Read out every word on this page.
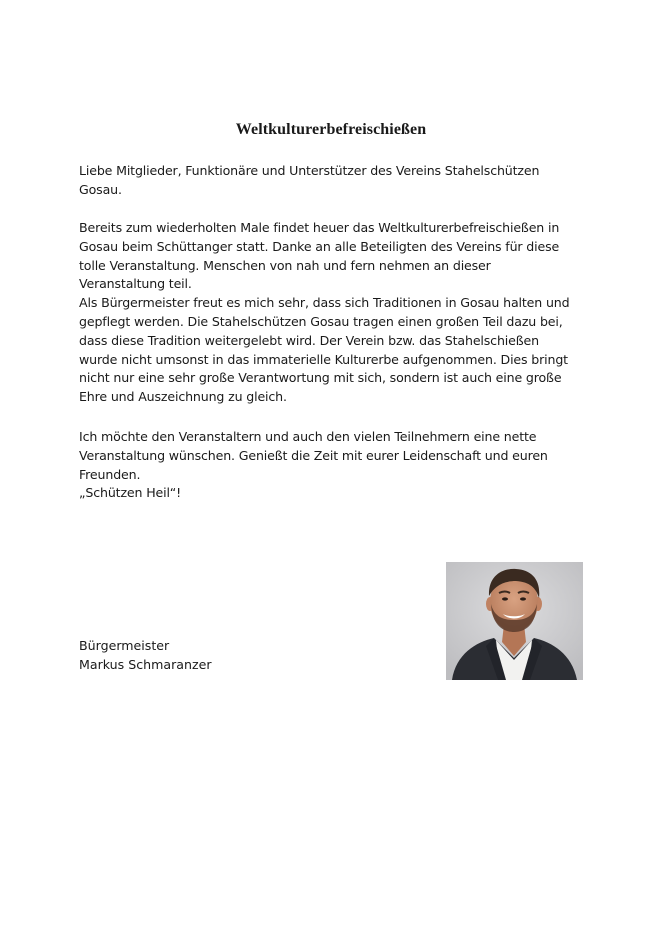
Weltkulturerbefreischießen
Liebe Mitglieder, Funktionäre und Unterstützer des Vereins Stahelschützen
Gosau.
Bereits zum wiederholten Male findet heuer das Weltkulturerbefreischießen in
Gosau beim Schüttanger statt. Danke an alle Beteiligten des Vereins für diese
tolle Veranstaltung. Menschen von nah und fern nehmen an dieser
Veranstaltung teil.
Als Bürgermeister freut es mich sehr, dass sich Traditionen in Gosau halten und
gepflegt werden. Die Stahelschützen Gosau tragen einen großen Teil dazu bei,
dass diese Tradition weitergelebt wird. Der Verein bzw. das Stahelschießen
wurde nicht umsonst in das immaterielle Kulturerbe aufgenommen. Dies bringt
nicht nur eine sehr große Verantwortung mit sich, sondern ist auch eine große
Ehre und Auszeichnung zu gleich.
Ich möchte den Veranstaltern und auch den vielen Teilnehmern eine nette
Veranstaltung wünschen. Genießt die Zeit mit eurer Leidenschaft und euren
Freunden.
„Schützen Heil“!
Bürgermeister
Markus Schmaranzer
